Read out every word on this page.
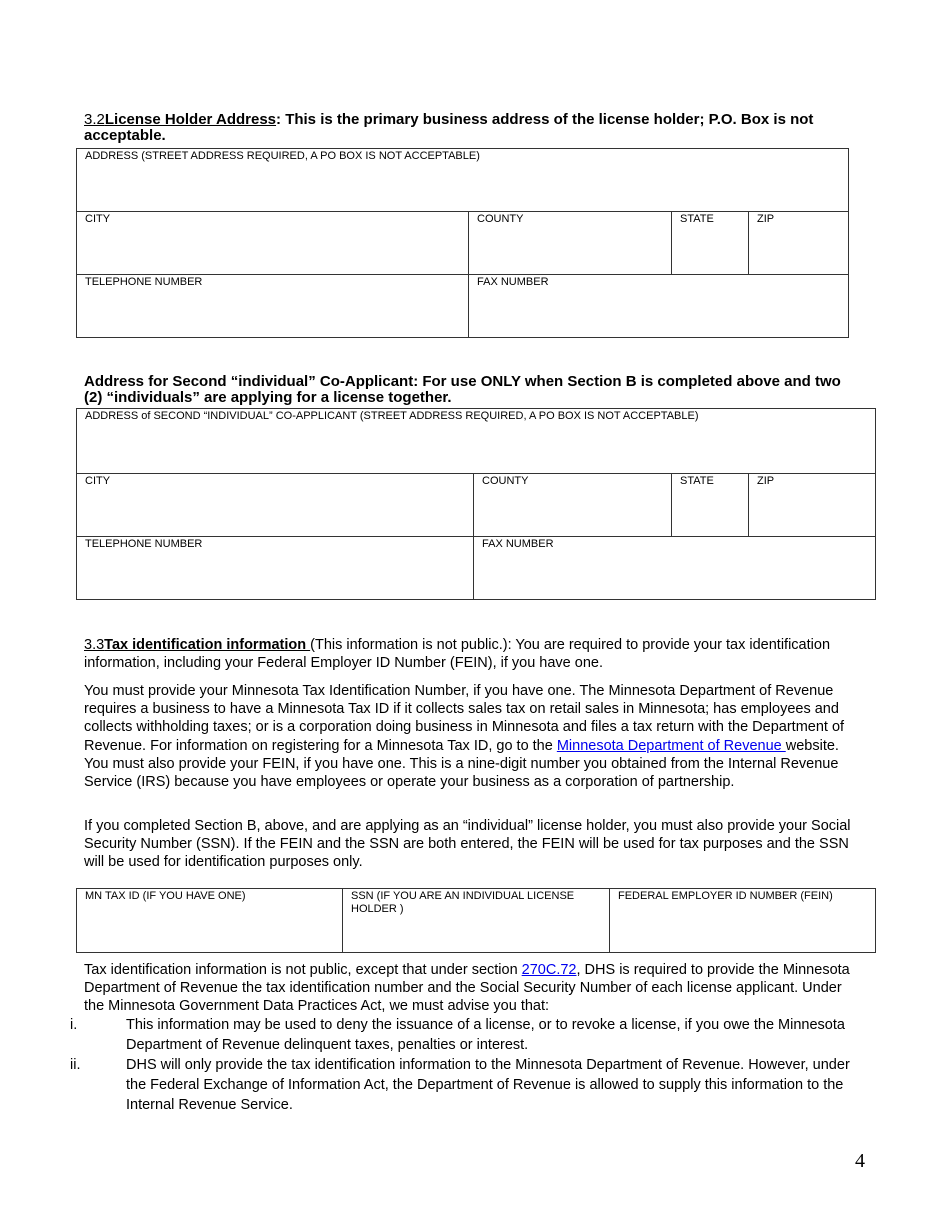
3.2License Holder Address: This is the primary business address of the license holder; P.O. Box is not acceptable.
ADDRESS (STREET ADDRESS REQUIRED, A PO BOX IS NOT ACCEPTABLE)			
CITY	COUNTY	STATE	ZIP
TELEPHONE NUMBER	FAX NUMBER		
Address for Second “individual” Co-Applicant: For use ONLY when Section B is completed above and two (2) “individuals” are applying for a license together.
ADDRESS of SECOND “INDIVIDUAL” CO-APPLICANT (STREET ADDRESS REQUIRED, A PO BOX IS NOT ACCEPTABLE)			
CITY	COUNTY	STATE	ZIP
TELEPHONE NUMBER	FAX NUMBER		
3.3Tax identification information (This information is not public.): You are required to provide your tax identification information, including your Federal Employer ID Number (FEIN), if you have one.
You must provide your Minnesota Tax Identification Number, if you have one. The Minnesota Department of Revenue requires a business to have a Minnesota Tax ID if it collects sales tax on retail sales in Minnesota; has employees and collects withholding taxes; or is a corporation doing business in Minnesota and files a tax return with the Department of Revenue. For information on registering for a Minnesota Tax ID, go to the Minnesota Department of Revenue website. You must also provide your FEIN, if you have one. This is a nine-digit number you obtained from the Internal Revenue Service (IRS) because you have employees or operate your business as a corporation of partnership.
If you completed Section B, above, and are applying as an “individual” license holder, you must also provide your Social Security Number (SSN). If the FEIN and the SSN are both entered, the FEIN will be used for tax purposes and the SSN will be used for identification purposes only.
MN TAX ID (IF YOU HAVE ONE)	SSN (IF YOU ARE AN INDIVIDUAL LICENSE HOLDER )	FEDERAL EMPLOYER ID NUMBER (FEIN)
Tax identification information is not public, except that under section 270C.72, DHS is required to provide the Minnesota Department of Revenue the tax identification number and the Social Security Number of each license applicant. Under the Minnesota Government Data Practices Act, we must advise you that:
i.	This information may be used to deny the issuance of a license, or to revoke a license, if you owe the Minnesota Department of Revenue delinquent taxes, penalties or interest.
ii.	DHS will only provide the tax identification information to the Minnesota Department of Revenue. However, under the Federal Exchange of Information Act, the Department of Revenue is allowed to supply this information to the Internal Revenue Service.
4
